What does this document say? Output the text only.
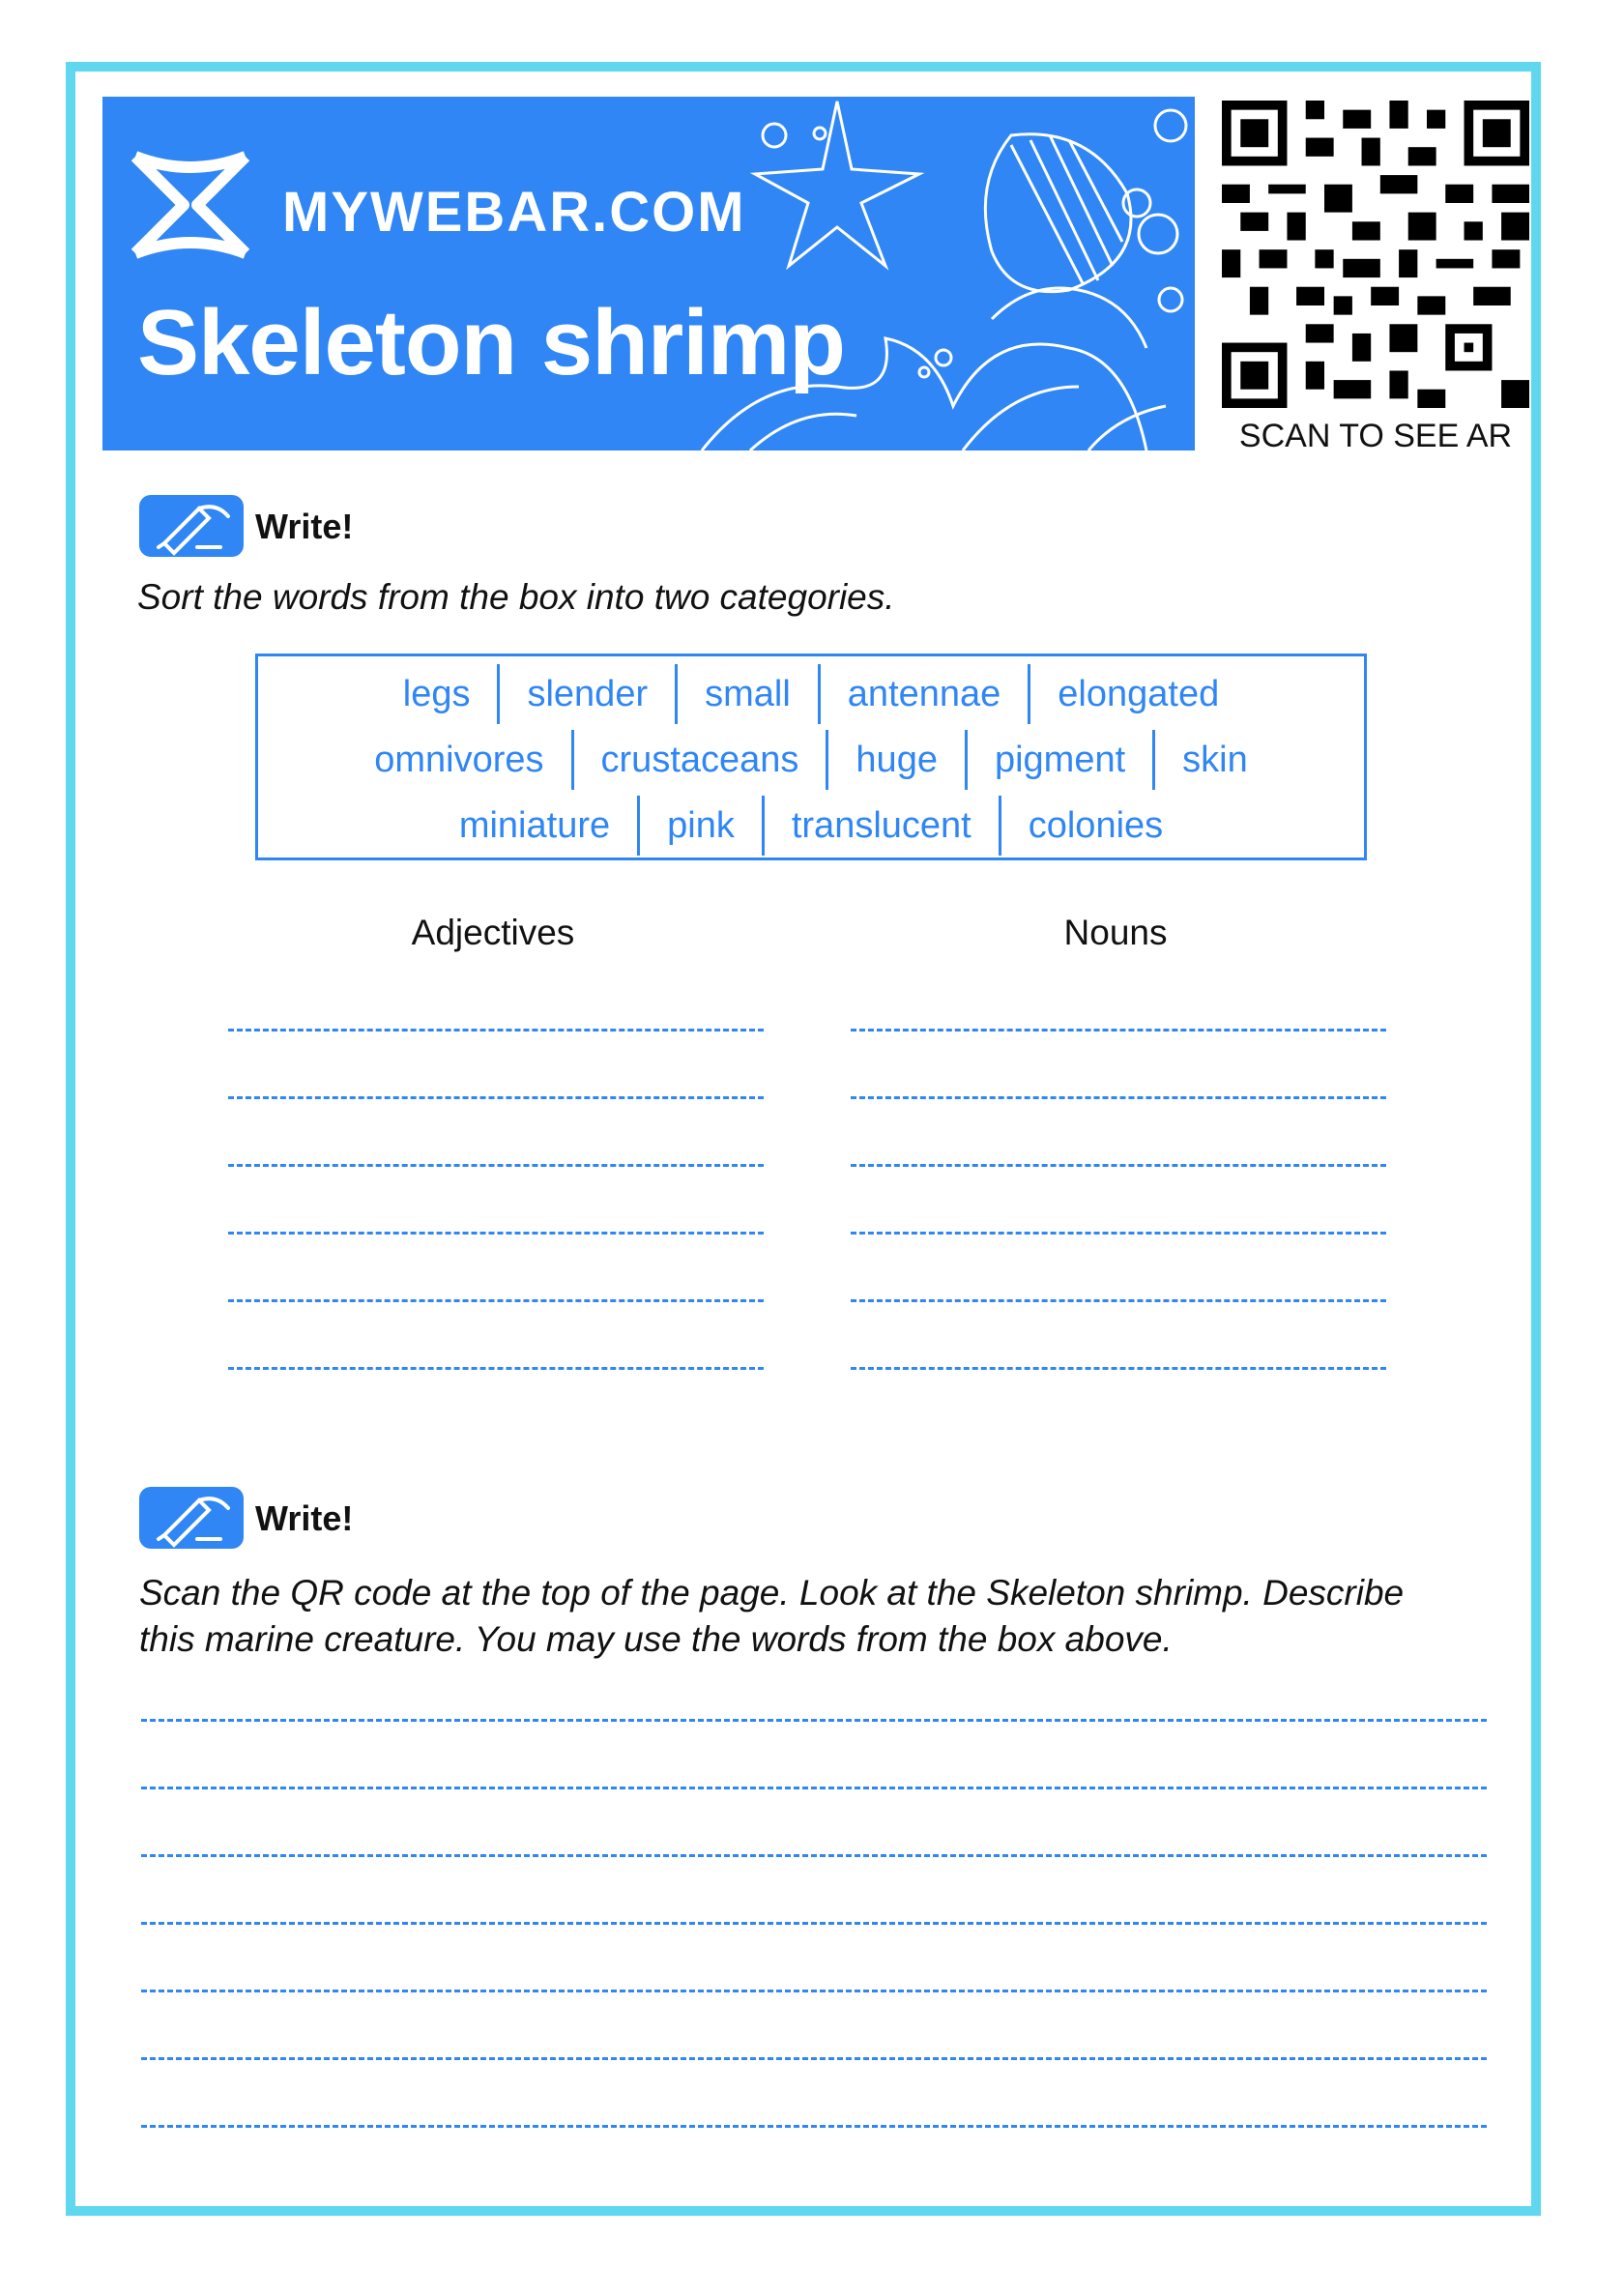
MYWEBAR.COM
Skeleton shrimp
SCAN TO SEE AR
Write!
Sort the words from the box into two categories.
legs	slender	small	antennae	elongated
omnivores	crustaceans	huge	pigment	skin
miniature	pink	translucent	colonies
Adjectives	Nouns
Write!
Scan the QR code at the top of the page. Look at the Skeleton shrimp. Describe
this marine creature. You may use the words from the box above.
